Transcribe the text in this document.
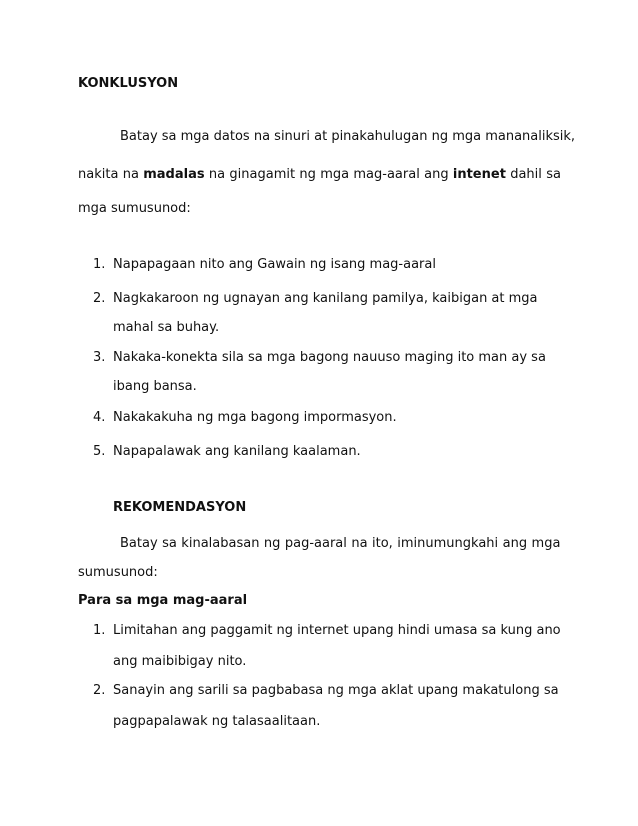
KONKLUSYON
Batay sa mga datos na sinuri at pinakahulugan ng mga mananaliksik,
nakita na madalas na ginagamit ng mga mag-aaral ang intenet dahil sa
mga sumusunod:
1. Napapagaan nito ang Gawain ng isang mag-aaral
2. Nagkakaroon ng ugnayan ang kanilang pamilya, kaibigan at mga
mahal sa buhay.
3. Nakaka-konekta sila sa mga bagong nauuso maging ito man ay sa
ibang bansa.
4. Nakakakuha ng mga bagong impormasyon.
5. Napapalawak ang kanilang kaalaman.
REKOMENDASYON
Batay sa kinalabasan ng pag-aaral na ito, iminumungkahi ang mga
sumusunod:
Para sa mga mag-aaral
1. Limitahan ang paggamit ng internet upang hindi umasa sa kung ano
ang maibibigay nito.
2. Sanayin ang sarili sa pagbabasa ng mga aklat upang makatulong sa
pagpapalawak ng talasaalitaan.
